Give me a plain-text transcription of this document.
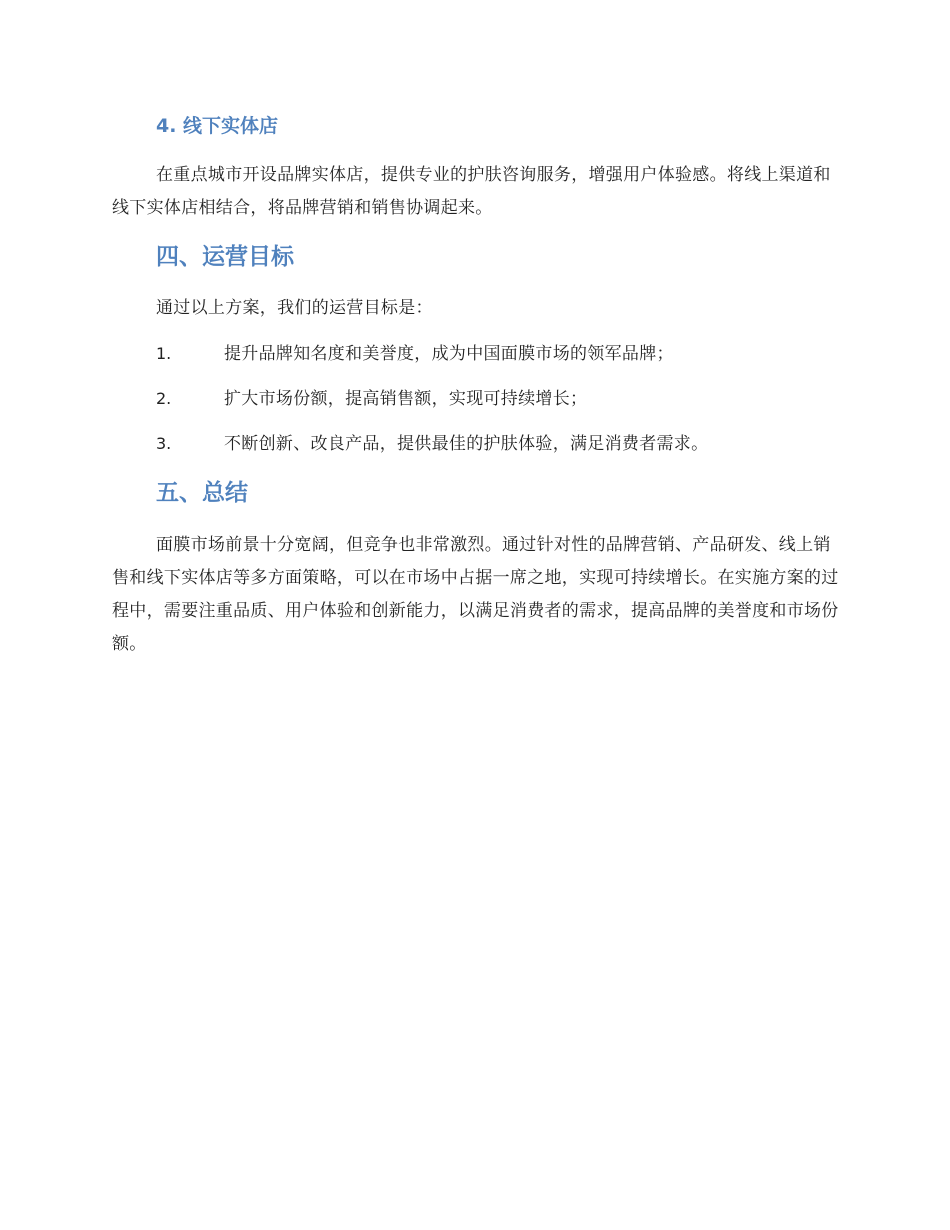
4. 线下实体店

在重点城市开设品牌实体店，提供专业的护肤咨询服务，增强用户体验感。将线上渠道和线下实体店相结合，将品牌营销和销售协调起来。

四、运营目标

通过以上方案，我们的运营目标是：

1.	提升品牌知名度和美誉度，成为中国面膜市场的领军品牌；
2.	扩大市场份额，提高销售额，实现可持续增长；
3.	不断创新、改良产品，提供最佳的护肤体验，满足消费者需求。
五、总结

面膜市场前景十分宽阔，但竞争也非常激烈。通过针对性的品牌营销、产品研发、线上销售和线下实体店等多方面策略，可以在市场中占据一席之地，实现可持续增长。在实施方案的过程中，需要注重品质、用户体验和创新能力，以满足消费者的需求，提高品牌的美誉度和市场份额。
